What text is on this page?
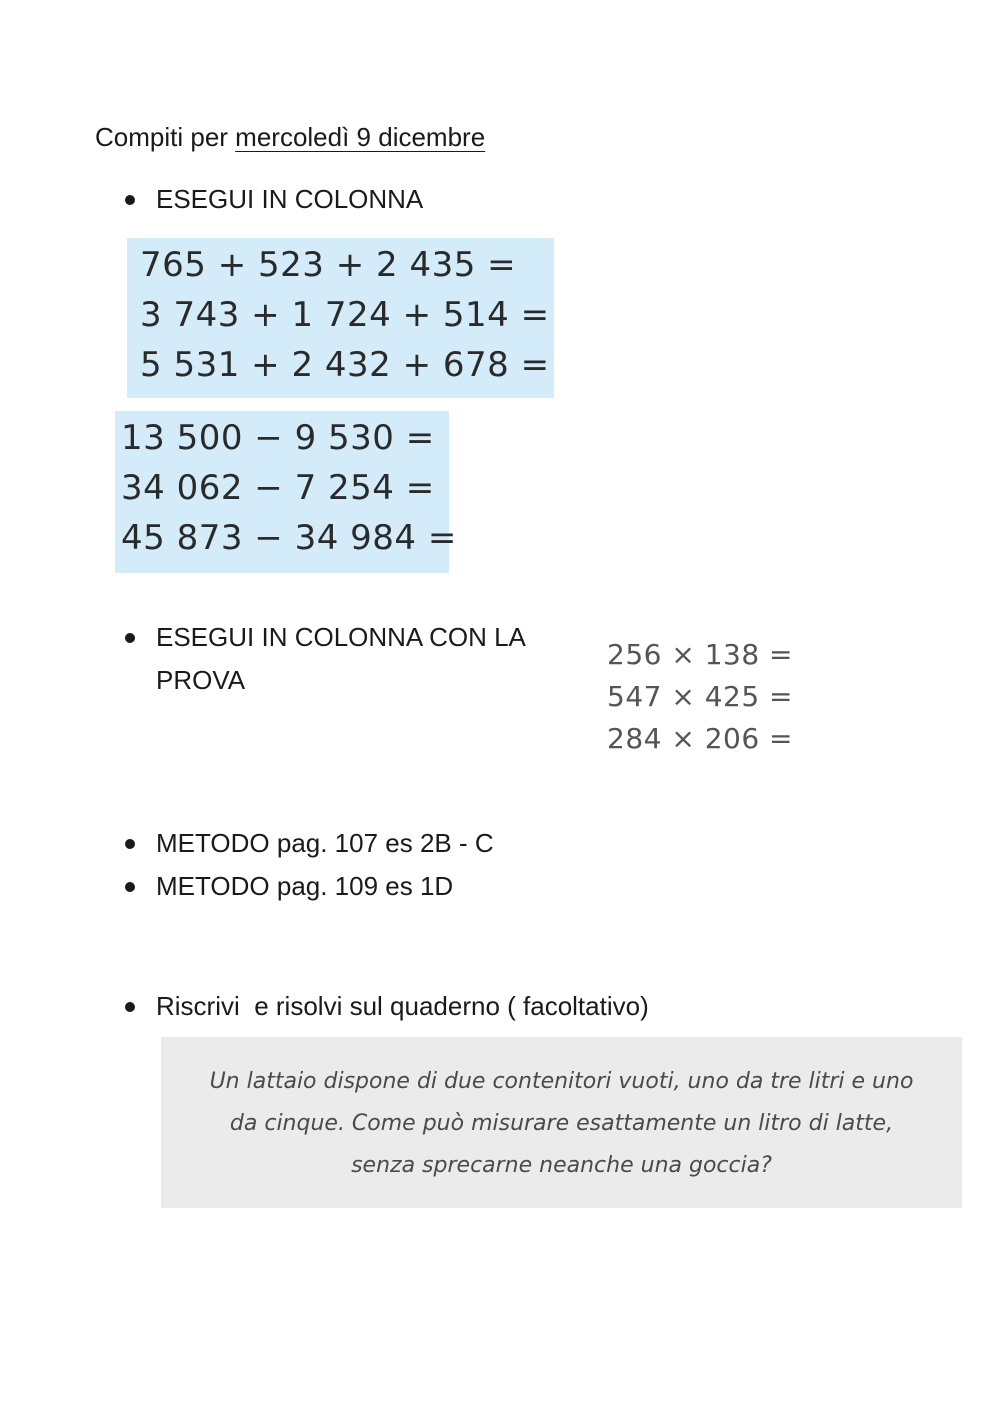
Compiti per mercoledì 9 dicembre
ESEGUI IN COLONNA
765 + 523 + 2 435 =
3 743 + 1 724 + 514 =
5 531 + 2 432 + 678 =
13 500 − 9 530 =
34 062 − 7 254 =
45 873 − 34 984 =
ESEGUI IN COLONNA CON LA PROVA
256 × 138 =
547 × 425 =
284 × 206 =
METODO pag. 107 es 2B - C
METODO pag. 109 es 1D
Riscrivi  e risolvi sul quaderno ( facoltativo)
Un lattaio dispone di due contenitori vuoti, uno da tre litri e uno
da cinque. Come può misurare esattamente un litro di latte,
senza sprecarne neanche una goccia?
